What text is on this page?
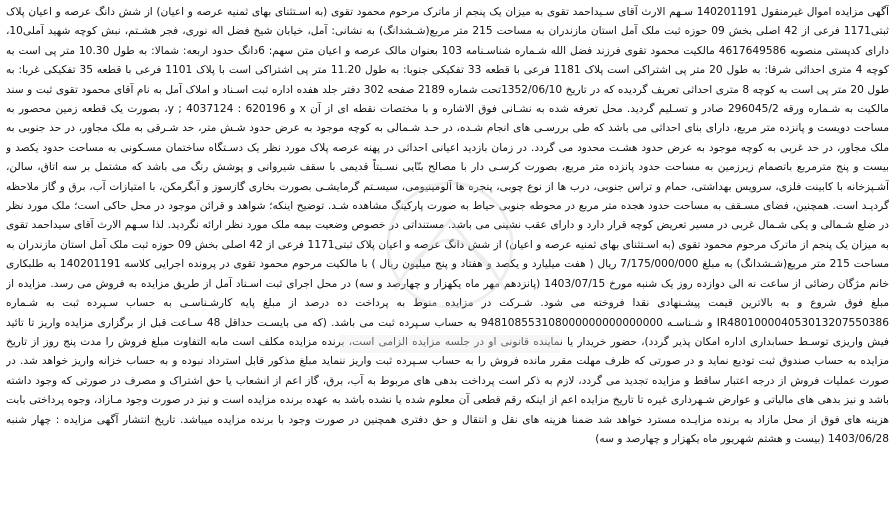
آگهی مزایده اموال غیرمنقول 140201191 سـهم الارث آقای سـیداحمد تقوی به میزان یک پنجم از ماترک مرحوم محمود تقوی (به اسـتثنای بهای ثمنیه عرصه و اعیان) از شش دانگ عرصه و اعیان پلاک ثبتی1171 فرعی از 42 اصلی بخش 09 حوزه ثبت ملک آمل استان مازندران به مساحت 215 متر مربع(شـشدانگ) به نشانی: آمل، خیابان شیخ فضل اله نوری، فجر هشـتم، نبش کوچه شهید آملی10، دارای کدپستی منصوبه 4617649586 مالکیت محمود تقوی فرزند فضل الله شـماره شناسـنامه 103 بعنوان مالک عرصه و اعیان متن سهم: 6دانگ حدود اربعه: شمالا: به طول 10.30 متر پی است به کوچه 4 متری احداثی شرقا: به طول 20 متر پی اشتراکی است پلاک 1181 فرعی با قطعه 33 تفکیکی جنوبا: به طول 11.20 متر پی اشتراکی است با پلاک 1101 فرعی با قطعه 35 تفکیکی غربا: به طول 20 متر پی است به کوچه 8 متری احداثی تعریف گردیده که در تاریخ 1352/06/10تحت شماره 2189 صفحه 302 دفتر جلد هفده اداره ثبت اسـناد و املاک آمل به نام آقای محمود تقوی ثبت و سند مالکیت به شـماره ورقه 296045/2 صادر و تسـلیم گردید. محل تعرفه شده به نشـانی فوق الاشاره و با مختصات نقطه ای از آن x و 620196 : 4037124 ; y، بصورت یک قطعه زمین محصور به مساحت دویست و پانزده متر مربع، دارای بنای احداثی می باشد که طی بررسـی های انجام شـده، در حـد شـمالی به کوچه موجود به عرض حدود شـش متر، حد شـرقی به ملک مجاور، در حد جنوبی به ملک مجاور، در حد غربی به کوچه موجود به عرض حدود هشـت محدود می گردد. در زمان بازدید اعیانی احداثی در پهنه عرصه پلاک مورد نظر یک دسـتگاه ساختمان مسـکونی به مساحت حدود یکصد و بیست و پنج مترمربع باتصمام زیرزمین به مساحت حدود پانزده متر مربع، بصورت کرسـی دار با مصالح بنّایی نسـبتاً قدیمی با سقف شیروانی و پوشش رنگ می باشد که مشتمل بر سه اتاق، سالن، آشـپزخانه با کابینت فلزی، سرویس بهداشتی، حمام و تراس جنوبی، درب ها از نوع چوبی، پنجره ها آلومینیومی، سیسـتم گرمایشـی بصورت بخاری گازسوز و آبگرمکن، با امتیازات آب، برق و گاز ملاحظه گردیـد است. همچنین، فضای مسـقف به مساحت حدود هجده متر مربع در محوطه جنوبی حیاط به صورت پارکینگ مشاهده شـد. توضیح اینکه؛ شواهد و قرائن موجود در محل حاکی است؛ ملک مورد نظر در ضلع شـمالی و یکی شـمال غربی در مسیر تعریض کوچه قرار دارد و دارای عقب نشینی می باشد. مستنداتی در خصوص وضعیت بیمه ملک مورد نظر ارائه نگردید. لذا سـهم الارث آقای سیداحمد تقوی به میزان یک پنجم از ماترک مرحوم محمود تقوی (به اسـتثنای بهای ثمنیه عرصه و اعیان) از شش دانگ عرصه و اعیان پلاک ثبتی1171 فرعی از 42 اصلی بخش 09 حوزه ثبت ملک آمل استان مازندران به مساحت 215 متر مربع(شـشدانگ) به مبلغ 7/175/000/000 ریال ( هفت میلیارد و یکصد و هفتاد و پنج میلیون ریال ) با مالکیت مرحوم محمود تقوی در پرونده اجرایی کلاسه 140201191 به طلبکاری خانم مژگان رضائی از ساعت نه الی دوازده روز یک شنبه مورخ 1403/07/15 (پانزدهم مهر ماه یکهزار و چهارصد و سه) در محل اجرای ثبت اسـناد آمل از طریق مزایده به فروش می رسد. مزایده از مبلغ فوق شروع و به بالاترین قیمت پیشـنهادی نقدا فروخته می شود. شـرکت در مزایده منوط به پرداخت ده درصد از مبلغ پایه کارشـناسـی به حساب سـپرده ثبت به شـماره IR480100004053013207550386 و شـناسـه 948108553108000000000000000 به حساب سـپرده ثبت می باشد. (که می بایسـت حداقل 48 سـاعت قبل از برگزاری مزایده واریز تا تائید فیش واریزی توسـط حسابداری اداره امکان پذیر گردد)، حضور خریدار یا نماینده قانونی او در جلسه مزایده الزامی است، برنده مزایده مکلف است مابه التفاوت مبلغ فروش را مدت پنج روز از تاریخ مزایده به حساب صندوق ثبت تودیع نماید و در صورتی که ظرف مهلت مقرر مانده فروش را به حساب سـپرده ثبت واریز ننماید مبلغ مذکور قابل استرداد نبوده و به حساب خزانه واریز خواهد شد. در صورت عملیات فروش از درجه اعتبار ساقط و مزایده تجدید می گردد، لازم به ذکر است پرداخت بدهی های مربوط به آب، برق، گاز اعم از انشعاب یا حق اشتراک و مصرف در صورتی که وجود داشته باشد و نیز بدهی های مالیاتی و عوارض شـهرداری غیره تا تاریخ مزایده اعم از اینکه رقم قطعی آن معلوم شده یا نشده باشد به عهده برنده مزایده است و نیز در صورت وجود مـازاد، وجوه پرداختی بابت هزینه های فوق از محل مازاد به برنده مزایـده مسترد خواهد شد ضمنا هزینه های نقل و انتقال و حق دفتری همچنین در صورت وجود با برنده مزایده میباشد. تاریخ انتشار آگهی مزایده : چهار شنبه 1403/06/28 (بیست و هشتم شهریور ماه یکهزار و چهارصد و سه)
